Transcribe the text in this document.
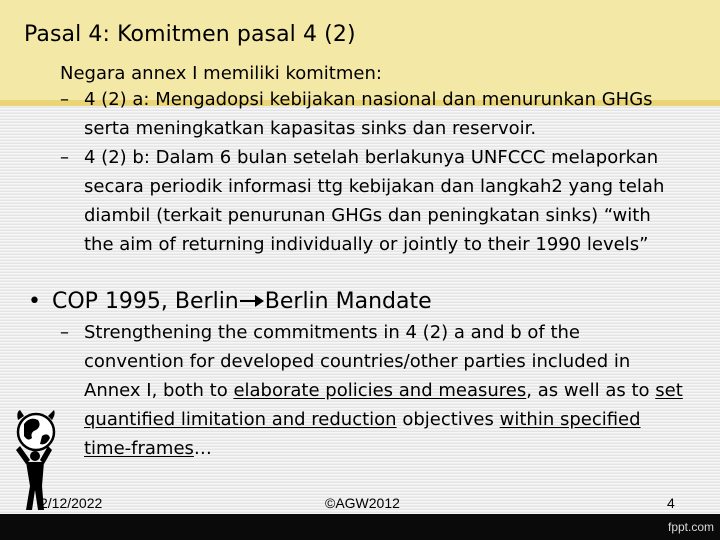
Pasal 4: Komitmen pasal 4 (2)

Negara annex I memiliki komitmen:

– 4 (2) a: Mengadopsi kebijakan nasional dan menurunkan GHGs serta meningkatkan kapasitas sinks dan reservoir.

– 4 (2) b: Dalam 6 bulan setelah berlakunya UNFCCC melaporkan secara periodik informasi ttg kebijakan dan langkah2 yang telah diambil (terkait penurunan GHGs dan peningkatan sinks) “with the aim of returning individually or jointly to their 1990 levels”

• COP 1995, Berlin Berlin Mandate
– Strengthening the commitments in 4 (2) a and b of the convention for developed countries/other parties included in Annex I, both to elaborate policies and measures, as well as to set quantified limitation and reduction objectives within specified time-frames…

2/12/2022	©AGW2012	4
fppt.com
